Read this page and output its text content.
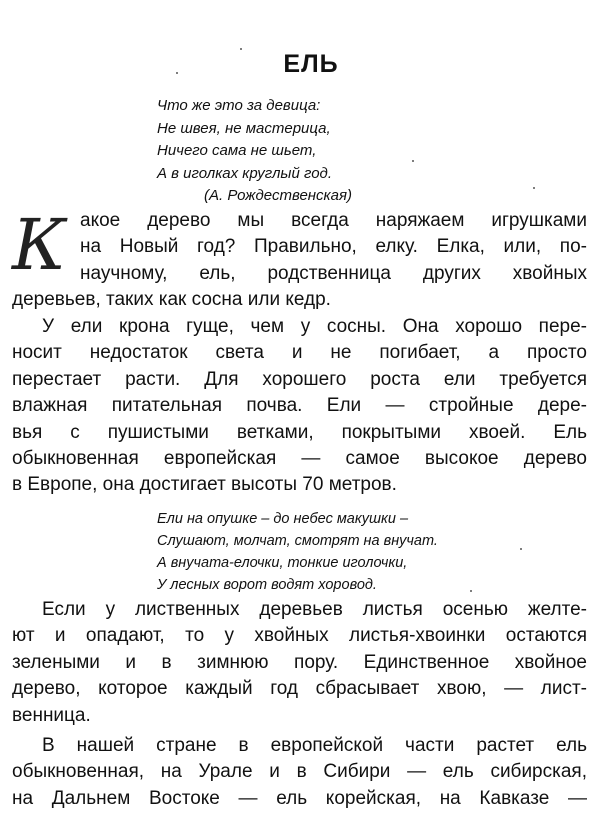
ЕЛЬ
Что же это за девица:
Не швея, не мастерица,
Ничего сама не шьет,
А в иголках круглый год.
(А. Рождественская)
К акое дерево мы всегда наряжаем игрушками
на Новый год? Правильно, елку. Елка, или, по-
научному, ель, родственница других хвойных
деревьев, таких как сосна или кедр.
У ели крона гуще, чем у сосны. Она хорошо пере-
носит недостаток света и не погибает, а просто
перестает расти. Для хорошего роста ели требуется
влажная питательная почва. Ели — стройные дере-
вья с пушистыми ветками, покрытыми хвоей. Ель
обыкновенная европейская — самое высокое дерево
в Европе, она достигает высоты 70 метров.
Ели на опушке – до небес макушки –
Слушают, молчат, смотрят на внучат.
А внучата-елочки, тонкие иголочки,
У лесных ворот водят хоровод.
Если у лиственных деревьев листья осенью желте-
ют и опадают, то у хвойных листья-хвоинки остаются
зелеными и в зимнюю пору. Единственное хвойное
дерево, которое каждый год сбрасывает хвою, — лист-
венница.
В нашей стране в европейской части растет ель
обыкновенная, на Урале и в Сибири — ель сибирская,
на Дальнем Востоке — ель корейская, на Кавказе —
